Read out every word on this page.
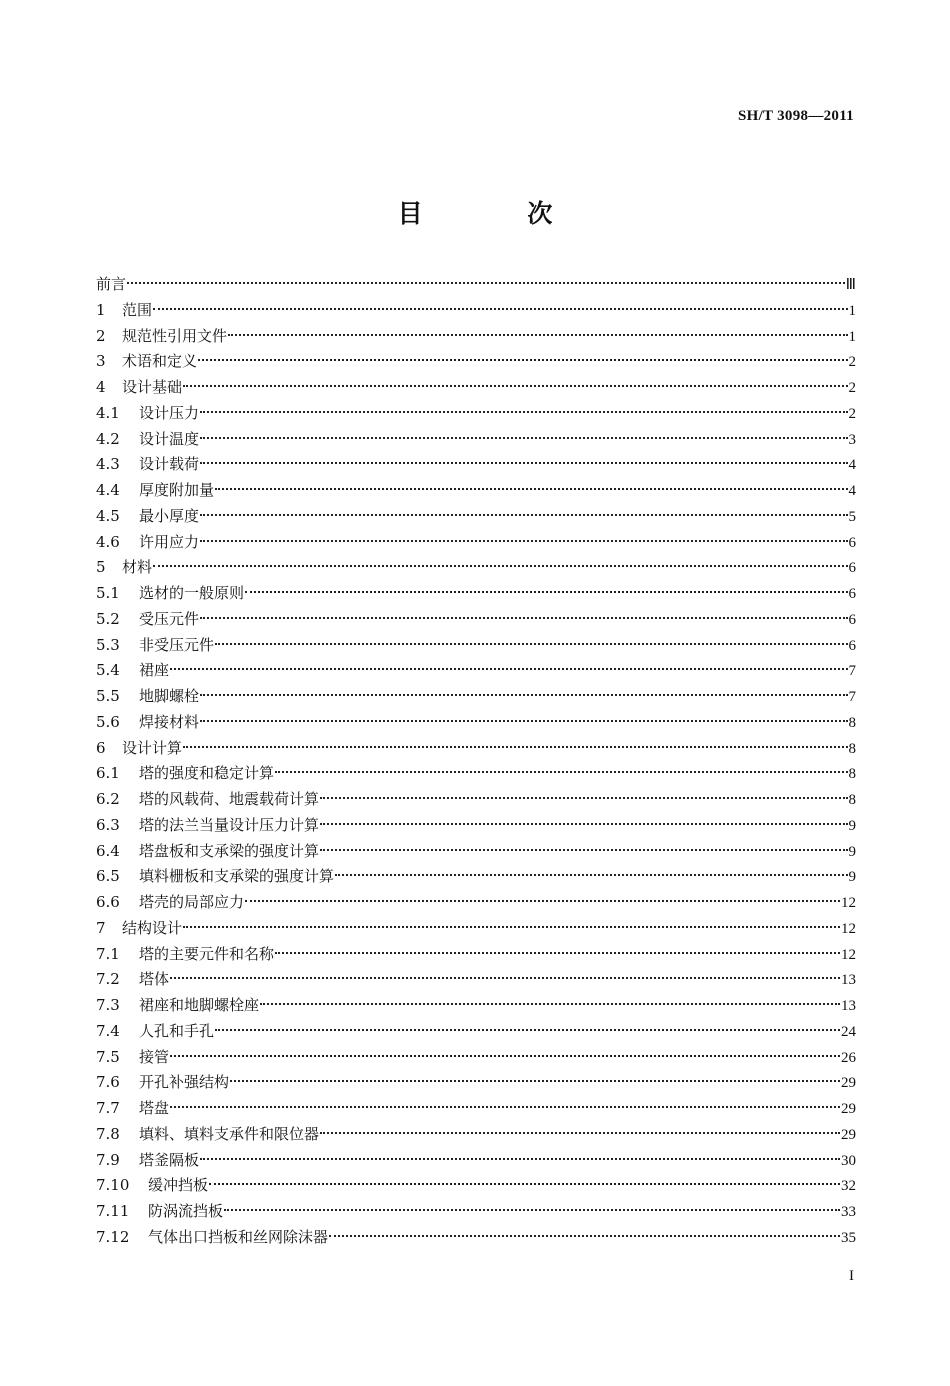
SH/T 3098—2011
目 次
前言	Ⅲ
1	范围	1
2	规范性引用文件	1
3	术语和定义	2
4	设计基础	2
4.1	设计压力	2
4.2	设计温度	3
4.3	设计载荷	4
4.4	厚度附加量	4
4.5	最小厚度	5
4.6	许用应力	6
5	材料	6
5.1	选材的一般原则	6
5.2	受压元件	6
5.3	非受压元件	6
5.4	裙座	7
5.5	地脚螺栓	7
5.6	焊接材料	8
6	设计计算	8
6.1	塔的强度和稳定计算	8
6.2	塔的风载荷、地震载荷计算	8
6.3	塔的法兰当量设计压力计算	9
6.4	塔盘板和支承梁的强度计算	9
6.5	填料栅板和支承梁的强度计算	9
6.6	塔壳的局部应力	12
7	结构设计	12
7.1	塔的主要元件和名称	12
7.2	塔体	13
7.3	裙座和地脚螺栓座	13
7.4	人孔和手孔	24
7.5	接管	26
7.6	开孔补强结构	29
7.7	塔盘	29
7.8	填料、填料支承件和限位器	29
7.9	塔釜隔板	30
7.10	缓冲挡板	32
7.11	防涡流挡板	33
7.12	气体出口挡板和丝网除沫器	35
I
